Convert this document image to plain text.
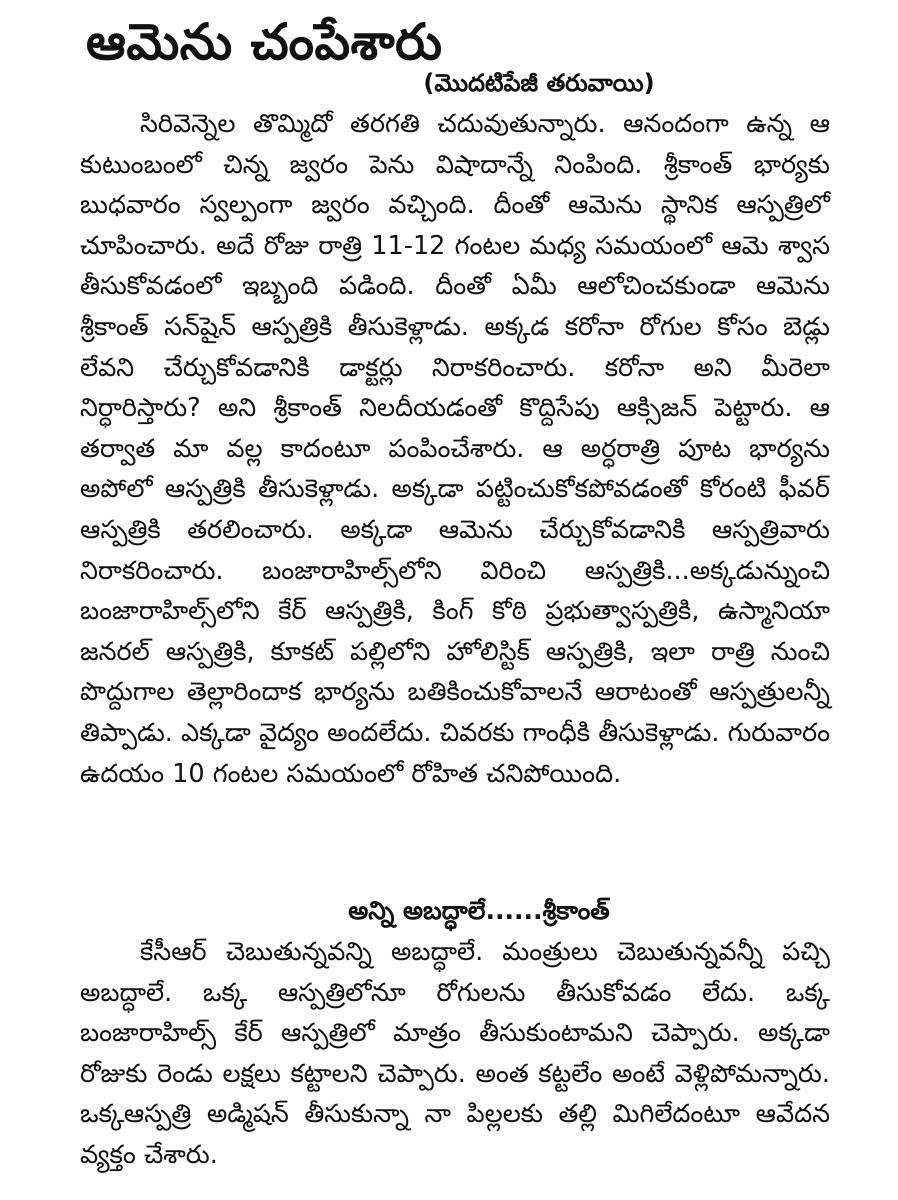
ఆమెను చంపేశారు
(మొదటిపేజీ తరువాయి)

సిరివెన్నెల తొమ్మిదో తరగతి చదువుతున్నారు. ఆనందంగా ఉన్న ఆ కుటుంబంలో చిన్న జ్వరం పెను విషాదాన్నే నింపింది. శ్రీకాంత్ భార్యకు బుధవారం స్వల్పంగా జ్వరం వచ్చింది. దీంతో ఆమెను స్థానిక ఆస్పత్రిలో చూపించారు. అదే రోజు రాత్రి 11-12 గంటల మధ్య సమయంలో ఆమె శ్వాస తీసుకోవడంలో ఇబ్బంది పడింది. దీంతో ఏమీ ఆలోచించకుండా ఆమెను శ్రీకాంత్ సన్‌షైన్ ఆస్పత్రికి తీసుకెళ్లాడు. అక్కడ కరోనా రోగుల కోసం బెడ్లు లేవని చేర్చుకోవడానికి డాక్టర్లు నిరాకరించారు. కరోనా అని మీరెలా నిర్ధారిస్తారు? అని శ్రీకాంత్ నిలదీయడంతో కొద్దిసేపు ఆక్సిజన్ పెట్టారు. ఆ తర్వాత మా వల్ల కాదంటూ పంపించేశారు. ఆ అర్ధరాత్రి పూట భార్యను అపోలో ఆస్పత్రికి తీసుకెళ్లాడు. అక్కడా పట్టించుకోకపోవడంతో కోరంటి ఫీవర్ ఆస్పత్రికి తరలించారు. అక్కడా ఆమెను చేర్చుకోవడానికి ఆస్పత్రివారు నిరాకరించారు. బంజారాహిల్స్‌లోని విరించి ఆస్పత్రికి...అక్కడున్నుంచి బంజారాహిల్స్‌లోని కేర్ ఆస్పత్రికి, కింగ్ కోఠి ప్రభుత్వాస్పత్రికి, ఉస్మానియా జనరల్ ఆస్పత్రికి, కూకట్ పల్లిలోని హోలిస్టిక్ ఆస్పత్రికి, ఇలా రాత్రి నుంచి పొద్దుగాల తెల్లారిందాక భార్యను బతికించుకోవాలనే ఆరాటంతో ఆస్పత్రులన్నీ తిప్పాడు. ఎక్కడా వైద్యం అందలేదు. చివరకు గాంధీకి తీసుకెళ్లాడు. గురువారం ఉదయం 10 గంటల సమయంలో రోహిత చనిపోయింది.

అన్ని అబద్ధాలే......శ్రీకాంత్

కేసీఆర్ చెబుతున్నవన్ని అబద్ధాలే. మంత్రులు చెబుతున్నవన్నీ పచ్చి అబద్ధాలే. ఒక్క ఆస్పత్రిలోనూ రోగులను తీసుకోవడం లేదు. ఒక్క బంజారాహిల్స్ కేర్ ఆస్పత్రిలో మాత్రం తీసుకుంటామని చెప్పారు. అక్కడా రోజుకు రెండు లక్షలు కట్టాలని చెప్పారు. అంత కట్టలేం అంటే వెళ్లిపోమన్నారు. ఒక్కఆస్పత్రి అడ్మిషన్ తీసుకున్నా నా పిల్లలకు తల్లి మిగిలేదంటూ ఆవేదన వ్యక్తం చేశారు.
